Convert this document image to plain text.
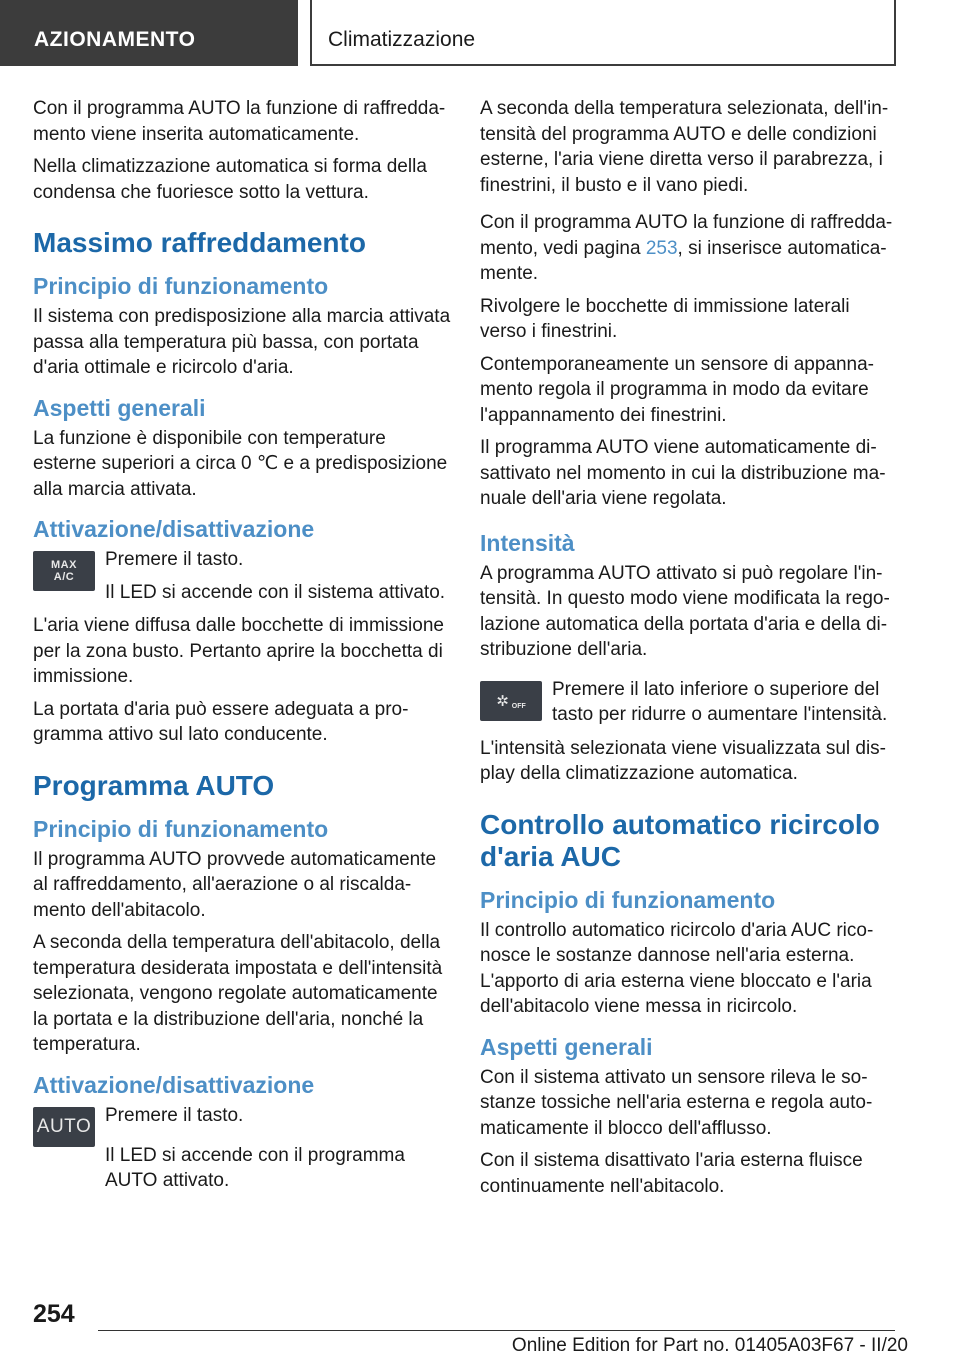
AZIONAMENTO	Climatizzazione

Con il programma AUTO la funzione di raffredda-mento viene inserita automaticamente.

Nella climatizzazione automatica si forma della condensa che fuoriesce sotto la vettura.

Massimo raffreddamento
Principio di funzionamento

Il sistema con predisposizione alla marcia attivata passa alla temperatura più bassa, con portata d'aria ottimale e ricircolo d'aria.

Aspetti generali

La funzione è disponibile con temperature esterne superiori a circa 0 ℃ e a predisposizione alla marcia attivata.

Attivazione/disattivazione
MAX
A/C

Premere il tasto.

Il LED si accende con il sistema attivato.

L'aria viene diffusa dalle bocchette di immissione per la zona busto. Pertanto aprire la bocchetta di immissione.

La portata d'aria può essere adeguata a pro-gramma attivo sul lato conducente.

Programma AUTO
Principio di funzionamento

Il programma AUTO provvede automaticamente al raffreddamento, all'aerazione o al riscalda-mento dell'abitacolo.

A seconda della temperatura dell'abitacolo, della temperatura desiderata impostata e dell'intensità selezionata, vengono regolate automaticamente la portata e la distribuzione dell'aria, nonché la temperatura.

Attivazione/disattivazione
AUTO

Premere il tasto.

Il LED si accende con il programma AUTO attivato.

A seconda della temperatura selezionata, dell'in-tensità del programma AUTO e delle condizioni esterne, l'aria viene diretta verso il parabrezza, i finestrini, il busto e il vano piedi.

Con il programma AUTO la funzione di raffredda-mento, vedi pagina 253, si inserisce automatica-mente.

Rivolgere le bocchette di immissione laterali verso i finestrini.

Contemporaneamente un sensore di appanna-mento regola il programma in modo da evitare l'appannamento dei finestrini.

Il programma AUTO viene automaticamente di-sattivato nel momento in cui la distribuzione ma-nuale dell'aria viene regolata.

Intensità

A programma AUTO attivato si può regolare l'in-tensità. In questo modo viene modificata la rego-lazione automatica della portata d'aria e della di-stribuzione dell'aria.

✲ OFF

Premere il lato inferiore o superiore del tasto per ridurre o aumentare l'intensità.

L'intensità selezionata viene visualizzata sul dis-play della climatizzazione automatica.

Controllo automatico ricircolo d'aria AUC
Principio di funzionamento

Il controllo automatico ricircolo d'aria AUC rico-nosce le sostanze dannose nell'aria esterna. L'apporto di aria esterna viene bloccato e l'aria dell'abitacolo viene messa in ricircolo.

Aspetti generali

Con il sistema attivato un sensore rileva le so-stanze tossiche nell'aria esterna e regola auto-maticamente il blocco dell'afflusso.

Con il sistema disattivato l'aria esterna fluisce continuamente nell'abitacolo.

254
Online Edition for Part no. 01405A03F67 - II/20
